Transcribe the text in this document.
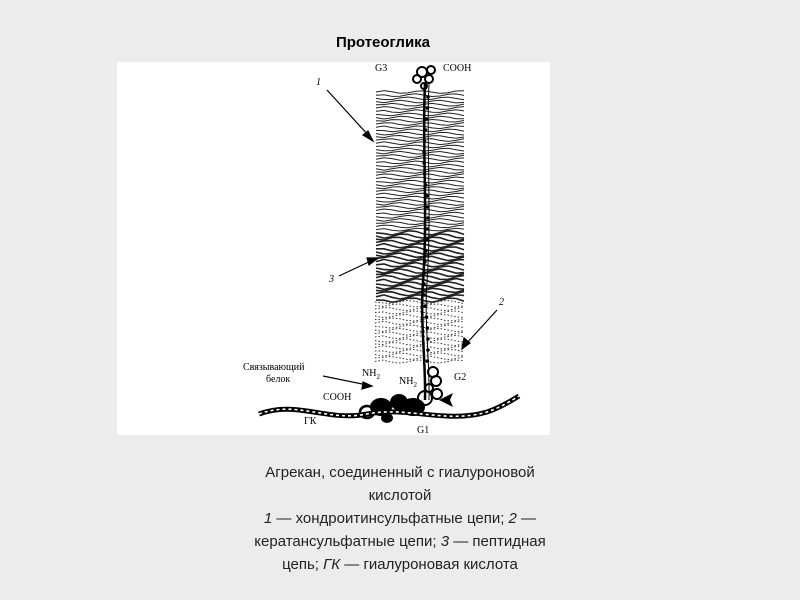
Протеоглика
G3	COOH
1
3
2
Связывающий
белок
$NH_2$ $NH_2$
G2
COOH
ГК
G1
Агрекан, соединенный с гиалуроновой
кислотой
1 — хондроитинсульфатные цепи; 2 —
кератансульфатные цепи; 3 — пептидная
цепь; ГК — гиалуроновая кислота
